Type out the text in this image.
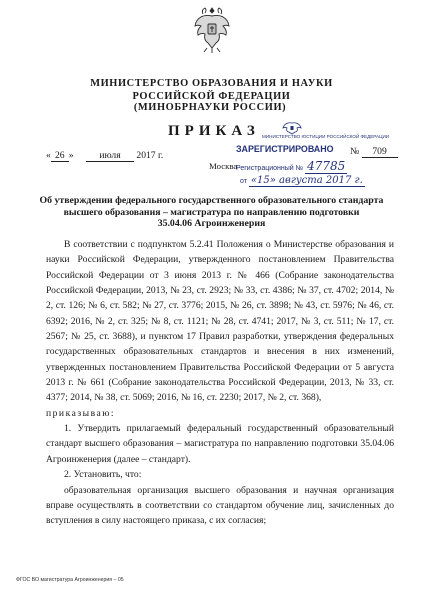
МИНИСТЕРСТВО ОБРАЗОВАНИЯ И НАУКИ
РОССИЙСКОЙ ФЕДЕРАЦИИ
(МИНОБРНАУКИ РОССИИ)
ПРИКАЗ
« 26 »	июля 2017 г.	№ 709
Москва
МИНИСТЕРСТВО ЮСТИЦИИ РОССИЙСКОЙ ФЕДЕРАЦИИ
ЗАРЕГИСТРИРОВАНО
Регистрационный № 47785
от «15» августа 2017 г.
Об утверждении федерального государственного образовательного стандарта
высшего образования – магистратура по направлению подготовки
35.04.06 Агроинженерия

В соответствии с подпунктом 5.2.41 Положения о Министерстве образования и науки Российской Федерации, утвержденного постановлением Правительства Российской Федерации от 3 июня 2013 г. № 466 (Собрание законодательства Российской Федерации, 2013, № 23, ст. 2923; № 33, ст. 4386; № 37, ст. 4702; 2014, № 2, ст. 126; № 6, ст. 582; № 27, ст. 3776; 2015, № 26, ст. 3898; № 43, ст. 5976; № 46, ст. 6392; 2016, № 2, ст. 325; № 8, ст. 1121; № 28, ст. 4741; 2017, № 3, ст. 511; № 17, ст. 2567; № 25, ст. 3688), и пунктом 17 Правил разработки, утверждения федеральных государственных образовательных стандартов и внесения в них изменений, утвержденных постановлением Правительства Российской Федерации от 5 августа 2013 г. № 661 (Собрание законодательства Российской Федерации, 2013, № 33, ст. 4377; 2014, № 38, ст. 5069; 2016, № 16, ст. 2230; 2017, № 2, ст. 368),

приказываю:

1. Утвердить прилагаемый федеральный государственный образовательный стандарт высшего образования – магистратура по направлению подготовки 35.04.06 Агроинженерия (далее – стандарт).

2. Установить, что:

образовательная организация высшего образования и научная организация вправе осуществлять в соответствии со стандартом обучение лиц, зачисленных до вступления в силу настоящего приказа, с их согласия;

ФГОС ВО магистратура Агроинженерия – 05
